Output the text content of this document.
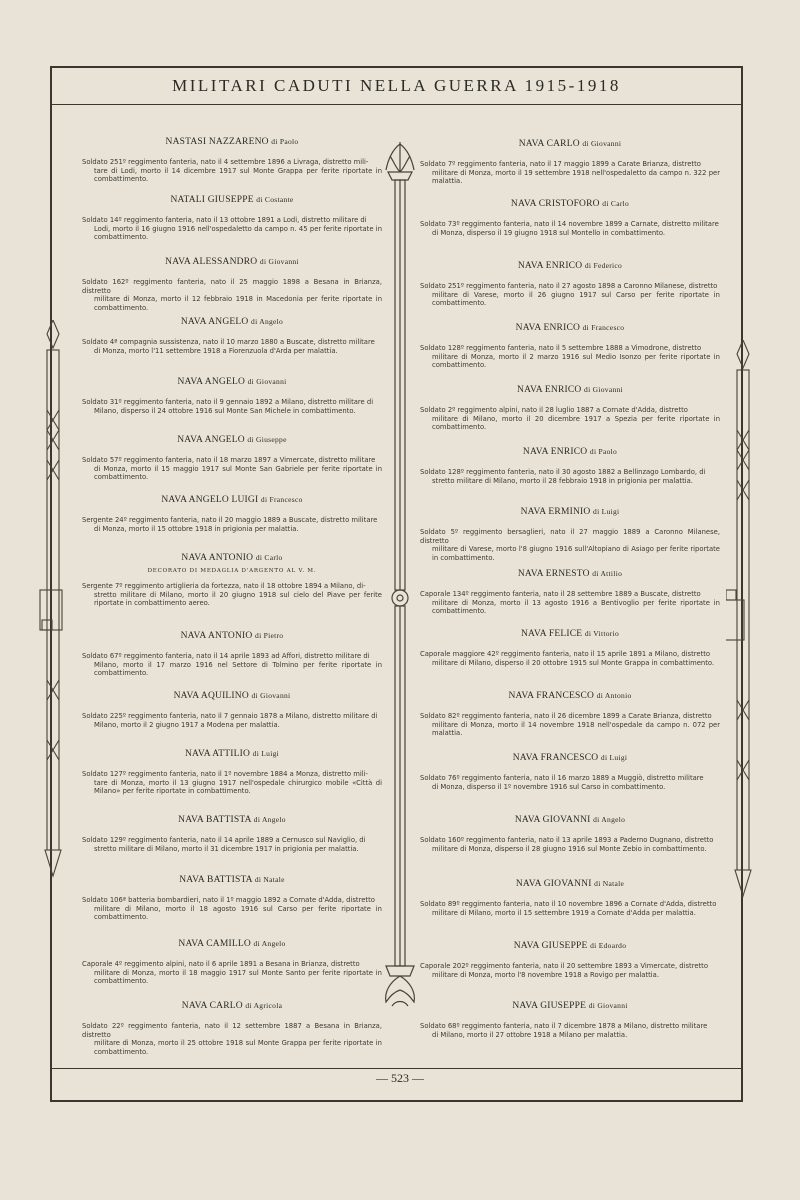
MILITARI CADUTI NELLA GUERRA 1915-1918
NASTASI NAZZARENO di Paolo
Soldato 251º reggimento fanteria, nato il 4 settembre 1896 a Livraga, distretto mili-
tare di Lodi, morto il 14 dicembre 1917 sul Monte Grappa per ferite riportate in combattimento.
NATALI GIUSEPPE di Costante
Soldato 14º reggimento fanteria, nato il 13 ottobre 1891 a Lodi, distretto militare di
Lodi, morto il 16 giugno 1916 nell'ospedaletto da campo n. 45 per ferite riportate in combattimento.
NAVA ALESSANDRO di Giovanni
Soldato 162º reggimento fanteria, nato il 25 maggio 1898 a Besana in Brianza, distretto
militare di Monza, morto il 12 febbraio 1918 in Macedonia per ferite riportate in combattimento.
NAVA ANGELO di Angelo
Soldato 4ª compagnia sussistenza, nato il 10 marzo 1880 a Buscate, distretto militare
di Monza, morto l'11 settembre 1918 a Fiorenzuola d'Arda per malattia.
NAVA ANGELO di Giovanni
Soldato 31º reggimento fanteria, nato il 9 gennaio 1892 a Milano, distretto militare di
Milano, disperso il 24 ottobre 1916 sul Monte San Michele in combattimento.
NAVA ANGELO di Giuseppe
Soldato 57º reggimento fanteria, nato il 18 marzo 1897 a Vimercate, distretto militare
di Monza, morto il 15 maggio 1917 sul Monte San Gabriele per ferite riportate in combattimento.
NAVA ANGELO LUIGI di Francesco
Sergente 24º reggimento fanteria, nato il 20 maggio 1889 a Buscate, distretto militare
di Monza, morto il 15 ottobre 1918 in prigionia per malattia.
NAVA ANTONIO di Carlo
DECORATO DI MEDAGLIA D'ARGENTO AL V. M.
Sergente 7º reggimento artiglieria da fortezza, nato il 18 ottobre 1894 a Milano, di-
stretto militare di Milano, morto il 20 giugno 1918 sul cielo del Piave per ferite riportate in combattimento aereo.
NAVA ANTONIO di Pietro
Soldato 67º reggimento fanteria, nato il 14 aprile 1893 ad Affori, distretto militare di
Milano, morto il 17 marzo 1916 nel Settore di Tolmino per ferite riportate in combattimento.
NAVA AQUILINO di Giovanni
Soldato 225º reggimento fanteria, nato il 7 gennaio 1878 a Milano, distretto militare di
Milano, morto il 2 giugno 1917 a Modena per malattia.
NAVA ATTILIO di Luigi
Soldato 127º reggimento fanteria, nato il 1º novembre 1884 a Monza, distretto mili-
tare di Monza, morto il 13 giugno 1917 nell'ospedale chirurgico mobile «Città di Milano» per ferite riportate in combattimento.
NAVA BATTISTA di Angelo
Soldato 129º reggimento fanteria, nato il 14 aprile 1889 a Cernusco sul Naviglio, di
stretto militare di Milano, morto il 31 dicembre 1917 in prigionia per malattia.
NAVA BATTISTA di Natale
Soldato 106ª batteria bombardieri, nato il 1º maggio 1892 a Cornate d'Adda, distretto
militare di Milano, morto il 18 agosto 1916 sul Carso per ferite riportate in combattimento.
NAVA CAMILLO di Angelo
Caporale 4º reggimento alpini, nato il 6 aprile 1891 a Besana in Brianza, distretto
militare di Monza, morto il 18 maggio 1917 sul Monte Santo per ferite riportate in combattimento.
NAVA CARLO di Agricola
Soldato 22º reggimento fanteria, nato il 12 settembre 1887 a Besana in Brianza, distretto
militare di Monza, morto il 25 ottobre 1918 sul Monte Grappa per ferite riportate in combattimento.
NAVA CARLO di Giovanni
Soldato 7º reggimento fanteria, nato il 17 maggio 1899 a Carate Brianza, distretto
militare di Monza, morto il 19 settembre 1918 nell'ospedaletto da campo n. 322 per malattia.
NAVA CRISTOFORO di Carlo
Soldato 73º reggimento fanteria, nato il 14 novembre 1899 a Carnate, distretto militare
di Monza, disperso il 19 giugno 1918 sul Montello in combattimento.
NAVA ENRICO di Federico
Soldato 251º reggimento fanteria, nato il 27 agosto 1898 a Caronno Milanese, distretto
militare di Varese, morto il 26 giugno 1917 sul Carso per ferite riportate in combattimento.
NAVA ENRICO di Francesco
Soldato 128º reggimento fanteria, nato il 5 settembre 1888 a Vimodrone, distretto
militare di Monza, morto il 2 marzo 1916 sul Medio Isonzo per ferite riportate in combattimento.
NAVA ENRICO di Giovanni
Soldato 2º reggimento alpini, nato il 28 luglio 1887 a Cornate d'Adda, distretto
militare di Milano, morto il 20 dicembre 1917 a Spezia per ferite riportate in combattimento.
NAVA ENRICO di Paolo
Soldato 128º reggimento fanteria, nato il 30 agosto 1882 a Bellinzago Lombardo, di
stretto militare di Milano, morto il 28 febbraio 1918 in prigionia per malattia.
NAVA ERMINIO di Luigi
Soldato 5º reggimento bersaglieri, nato il 27 maggio 1889 a Caronno Milanese, distretto
militare di Varese, morto l'8 giugno 1916 sull'Altopiano di Asiago per ferite riportate in combattimento.
NAVA ERNESTO di Attilio
Caporale 134º reggimento fanteria, nato il 28 settembre 1889 a Buscate, distretto
militare di Monza, morto il 13 agosto 1916 a Bentivoglio per ferite riportate in combattimento.
NAVA FELICE di Vittorio
Caporale maggiore 42º reggimento fanteria, nato il 15 aprile 1891 a Milano, distretto
militare di Milano, disperso il 20 ottobre 1915 sul Monte Grappa in combattimento.
NAVA FRANCESCO di Antonio
Soldato 82º reggimento fanteria, nato il 26 dicembre 1899 a Carate Brianza, distretto
militare di Monza, morto il 14 novembre 1918 nell'ospedale da campo n. 072 per malattia.
NAVA FRANCESCO di Luigi
Soldato 76º reggimento fanteria, nato il 16 marzo 1889 a Muggiò, distretto militare
di Monza, disperso il 1º novembre 1916 sul Carso in combattimento.
NAVA GIOVANNI di Angelo
Soldato 160º reggimento fanteria, nato il 13 aprile 1893 a Paderno Dugnano, distretto
militare di Monza, disperso il 28 giugno 1916 sul Monte Zebio in combattimento.
NAVA GIOVANNI di Natale
Soldato 89º reggimento fanteria, nato il 10 novembre 1896 a Cornate d'Adda, distretto
militare di Milano, morto il 15 settembre 1919 a Cornate d'Adda per malattia.
NAVA GIUSEPPE di Edoardo
Caporale 202º reggimento fanteria, nato il 20 settembre 1893 a Vimercate, distretto
militare di Monza, morto l'8 novembre 1918 a Rovigo per malattia.
NAVA GIUSEPPE di Giovanni
Soldato 68º reggimento fanteria, nato il 7 dicembre 1878 a Milano, distretto militare
di Milano, morto il 27 ottobre 1918 a Milano per malattia.
— 523 —
